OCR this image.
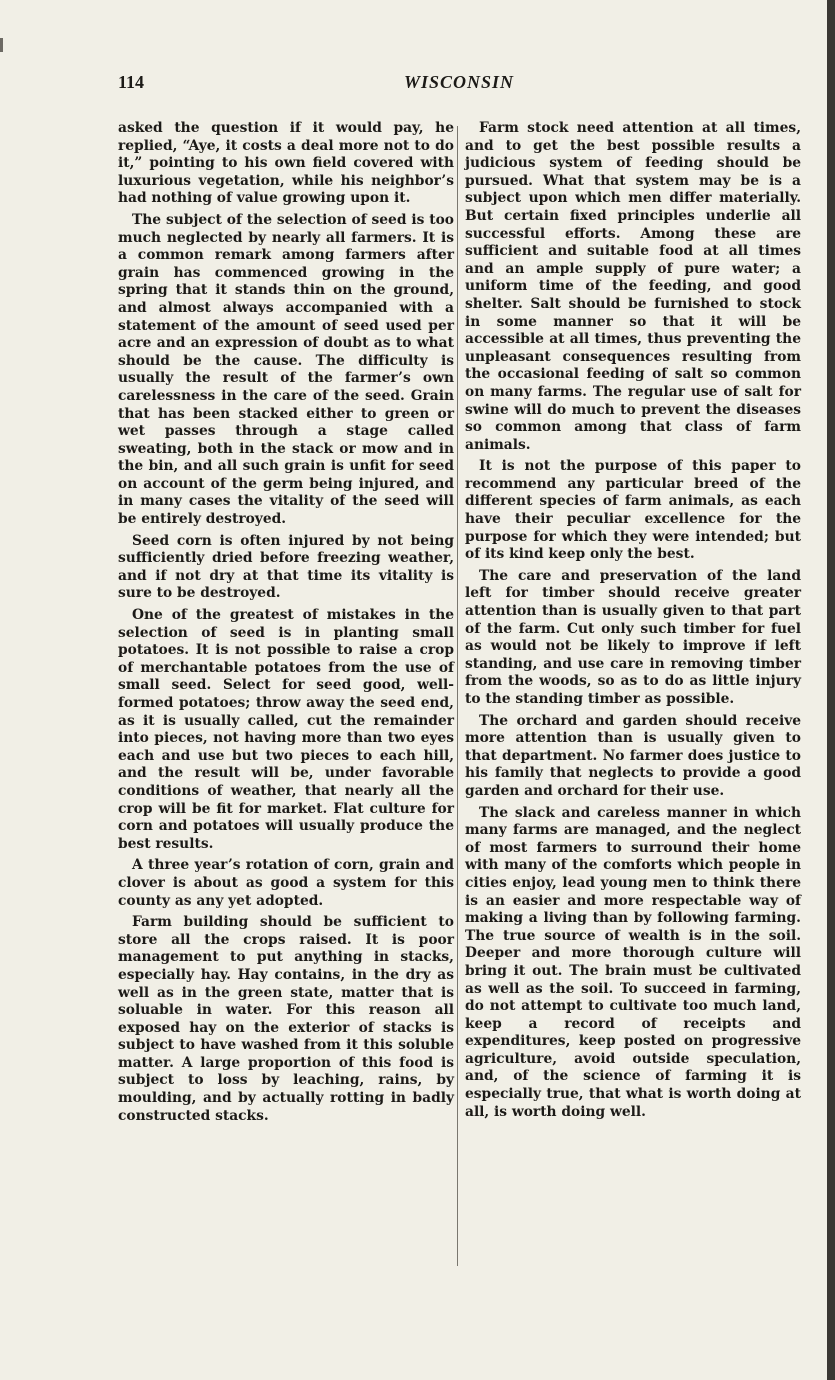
114	WISCONSIN

asked the question if it would pay, he replied, “Aye, it costs a deal more not to do it,” pointing to his own field covered with luxurious vegetation, while his neighbor’s had nothing of value growing upon it.

The subject of the selection of seed is too much neglected by nearly all farmers. It is a common remark among farmers after grain has commenced growing in the spring that it stands thin on the ground, and almost always accompanied with a statement of the amount of seed used per acre and an expression of doubt as to what should be the cause. The difficulty is usually the result of the farmer’s own carelessness in the care of the seed. Grain that has been stacked either to green or wet passes through a stage called sweating, both in the stack or mow and in the bin, and all such grain is unfit for seed on account of the germ being injured, and in many cases the vitality of the seed will be entirely destroyed.

Seed corn is often injured by not being sufficiently dried before freezing weather, and if not dry at that time its vitality is sure to be destroyed.

One of the greatest of mistakes in the selection of seed is in planting small potatoes. It is not possible to raise a crop of merchantable potatoes from the use of small seed. Select for seed good, well-formed potatoes; throw away the seed end, as it is usually called, cut the remainder into pieces, not having more than two eyes each and use but two pieces to each hill, and the result will be, under favorable conditions of weather, that nearly all the crop will be fit for market. Flat culture for corn and potatoes will usually produce the best results.

A three year’s rotation of corn, grain and clover is about as good a system for this county as any yet adopted.

Farm building should be sufficient to store all the crops raised. It is poor management to put anything in stacks, especially hay. Hay contains, in the dry as well as in the green state, matter that is soluable in water. For this reason all exposed hay on the exterior of stacks is subject to have washed from it this soluble matter. A large proportion of this food is subject to loss by leaching, rains, by moulding, and by actually rotting in badly constructed stacks.

Farm stock need attention at all times, and to get the best possible results a judicious system of feeding should be pursued. What that system may be is a subject upon which men differ materially. But certain fixed principles underlie all successful efforts. Among these are sufficient and suitable food at all times and an ample supply of pure water; a uniform time of the feeding, and good shelter. Salt should be furnished to stock in some manner so that it will be accessible at all times, thus preventing the unpleasant consequences resulting from the occasional feeding of salt so common on many farms. The regular use of salt for swine will do much to prevent the diseases so common among that class of farm animals.

It is not the purpose of this paper to recommend any particular breed of the different species of farm animals, as each have their peculiar excellence for the purpose for which they were intended; but of its kind keep only the best.

The care and preservation of the land left for timber should receive greater attention than is usually given to that part of the farm. Cut only such timber for fuel as would not be likely to improve if left standing, and use care in removing timber from the woods, so as to do as little injury to the standing timber as possible.

The orchard and garden should receive more attention than is usually given to that department. No farmer does justice to his family that neglects to provide a good garden and orchard for their use.

The slack and careless manner in which many farms are managed, and the neglect of most farmers to surround their home with many of the comforts which people in cities enjoy, lead young men to think there is an easier and more respectable way of making a living than by following farming. The true source of wealth is in the soil. Deeper and more thorough culture will bring it out. The brain must be cultivated as well as the soil. To succeed in farming, do not attempt to cultivate too much land, keep a record of receipts and expenditures, keep posted on progressive agriculture, avoid outside speculation, and, of the science of farming it is especially true, that what is worth doing at all, is worth doing well.
